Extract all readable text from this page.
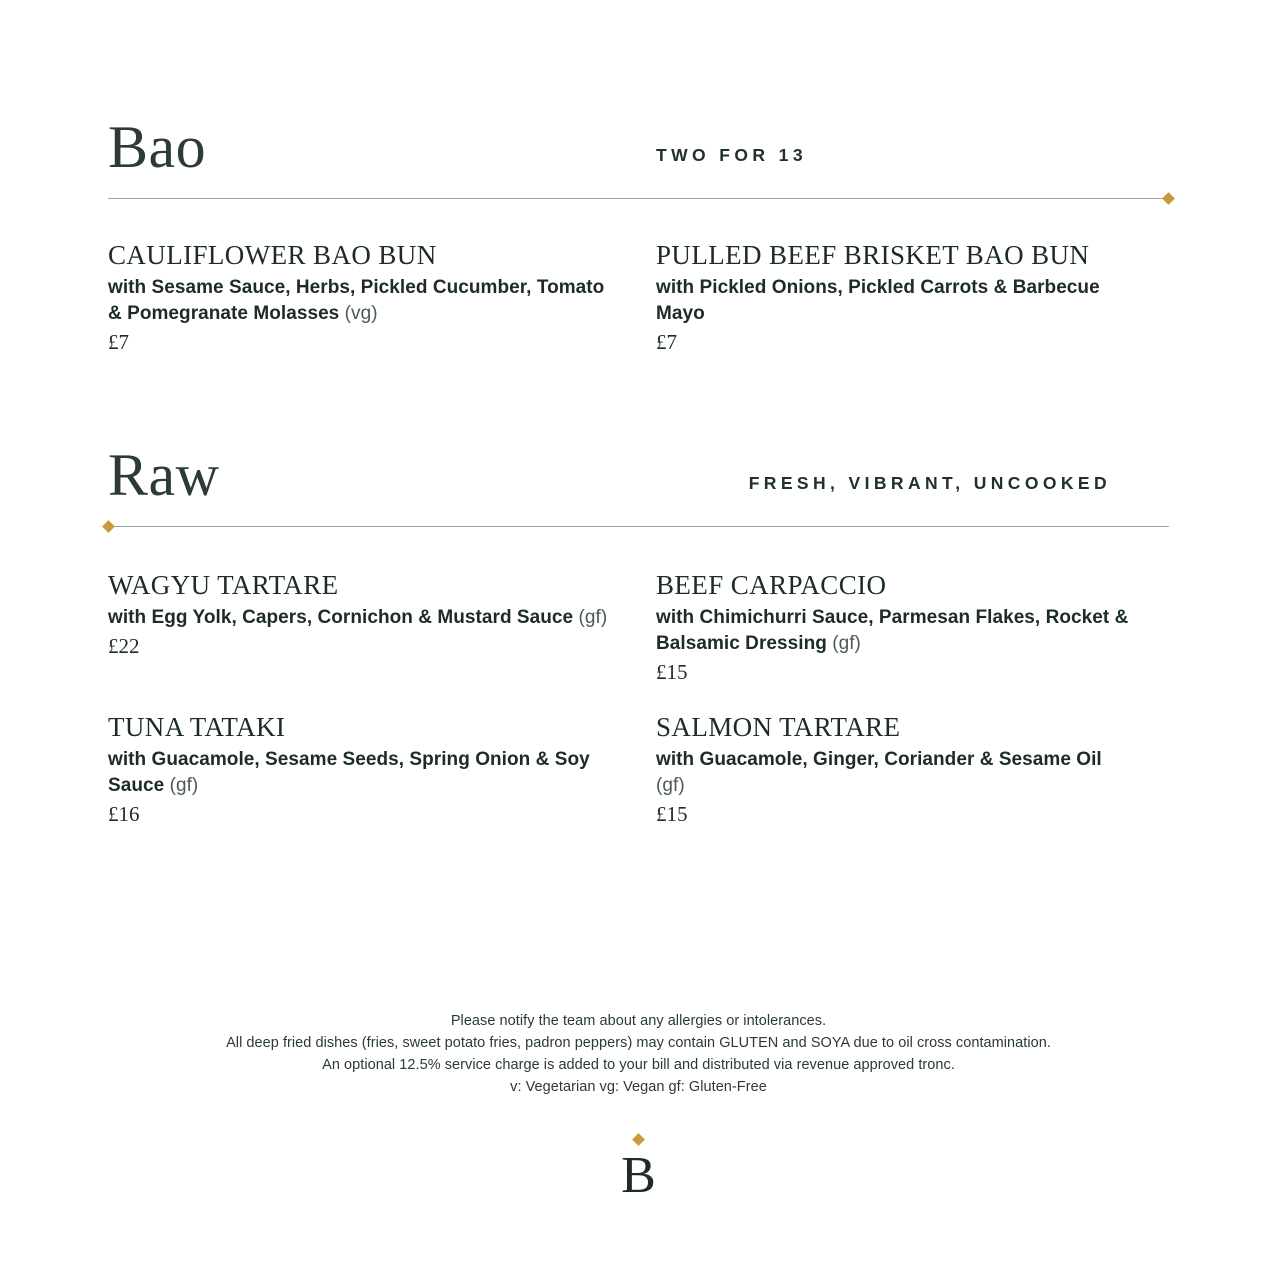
Bao	TWO FOR 13
CAULIFLOWER BAO BUN
with Sesame Sauce, Herbs, Pickled Cucumber, Tomato & Pomegranate Molasses (vg)
£7
PULLED BEEF BRISKET BAO BUN
with Pickled Onions, Pickled Carrots & Barbecue Mayo
£7
Raw	FRESH, VIBRANT, UNCOOKED
WAGYU TARTARE
with Egg Yolk, Capers, Cornichon & Mustard Sauce (gf)
£22
BEEF CARPACCIO
with Chimichurri Sauce, Parmesan Flakes, Rocket & Balsamic Dressing (gf)
£15
TUNA TATAKI
with Guacamole, Sesame Seeds, Spring Onion & Soy Sauce (gf)
£16
SALMON TARTARE
with Guacamole, Ginger, Coriander & Sesame Oil (gf)
£15
Please notify the team about any allergies or intolerances.
All deep fried dishes (fries, sweet potato fries, padron peppers) may contain GLUTEN and SOYA due to oil cross contamination.
An optional 12.5% service charge is added to your bill and distributed via revenue approved tronc.
v: Vegetarian vg: Vegan gf: Gluten-Free
B
